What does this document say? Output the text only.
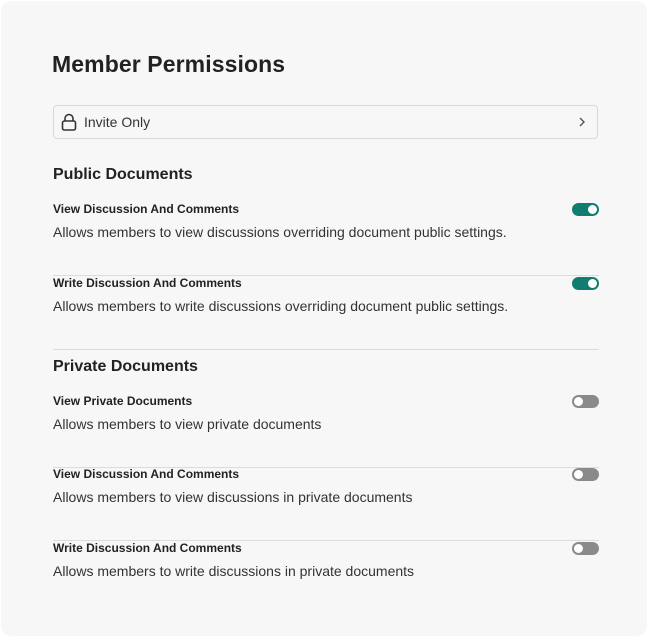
Member Permissions
Invite Only
Public Documents
View Discussion And Comments
Allows members to view discussions overriding document public settings.
Write Discussion And Comments
Allows members to write discussions overriding document public settings.
Private Documents
View Private Documents
Allows members to view private documents
View Discussion And Comments
Allows members to view discussions in private documents
Write Discussion And Comments
Allows members to write discussions in private documents
